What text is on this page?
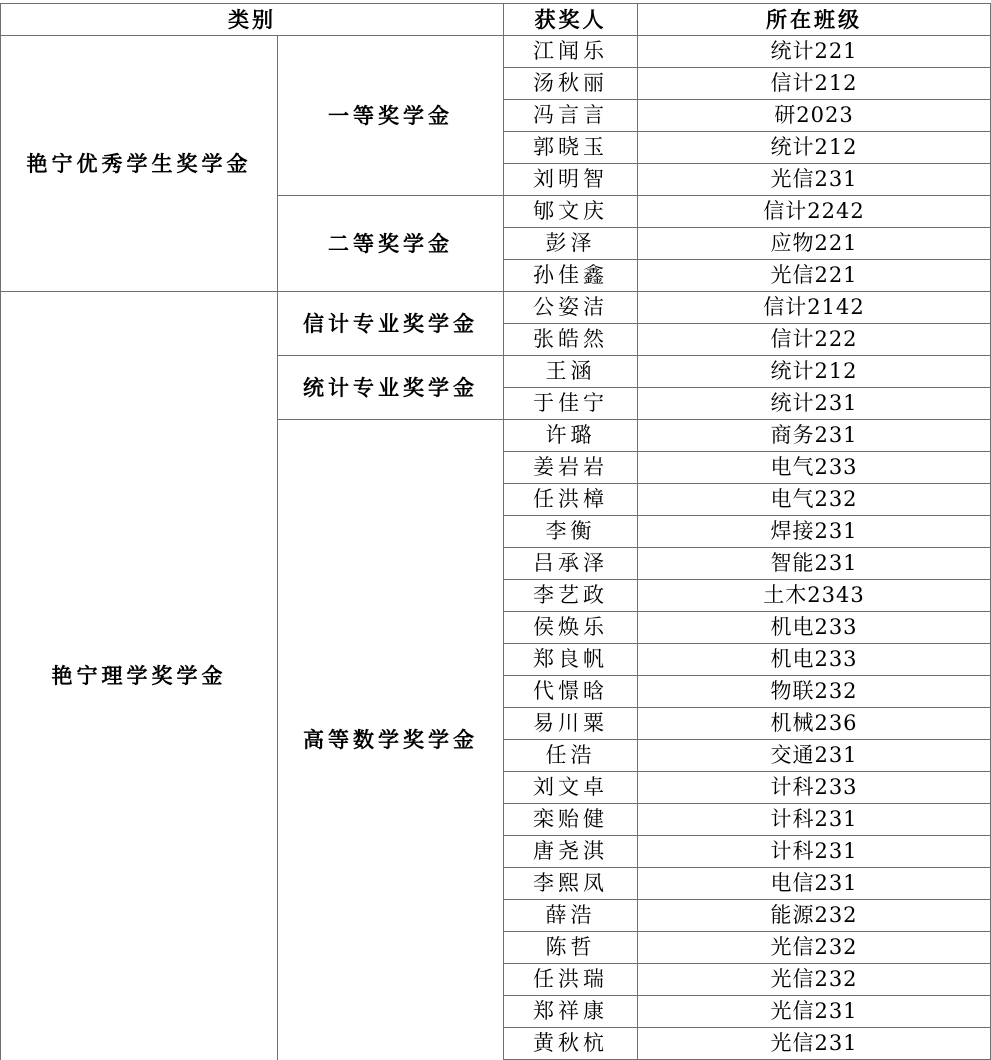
类别		获奖人	所在班级
艳宁优秀学生奖学金	一等奖学金	江闻乐	统计221
		汤秋丽	信计212
		冯言言	研2023
		郭晓玉	统计212
		刘明智	光信231
	二等奖学金	郇文庆	信计2242
		彭泽	应物221
		孙佳鑫	光信221
艳宁理学奖学金	信计专业奖学金	公姿洁	信计2142
		张皓然	信计222
	统计专业奖学金	王涵	统计212
		于佳宁	统计231
	高等数学奖学金	许璐	商务231
		姜岩岩	电气233
		任洪樟	电气232
		李衡	焊接231
		吕承泽	智能231
		李艺政	土木2343
		侯焕乐	机电233
		郑良帆	机电233
		代憬晗	物联232
		易川粟	机械236
		任浩	交通231
		刘文卓	计科233
		栾贻健	计科231
		唐尧淇	计科231
		李熙凤	电信231
		薛浩	能源232
		陈哲	光信232
		任洪瑞	光信232
		郑祥康	光信231
		黄秋杭	光信231
